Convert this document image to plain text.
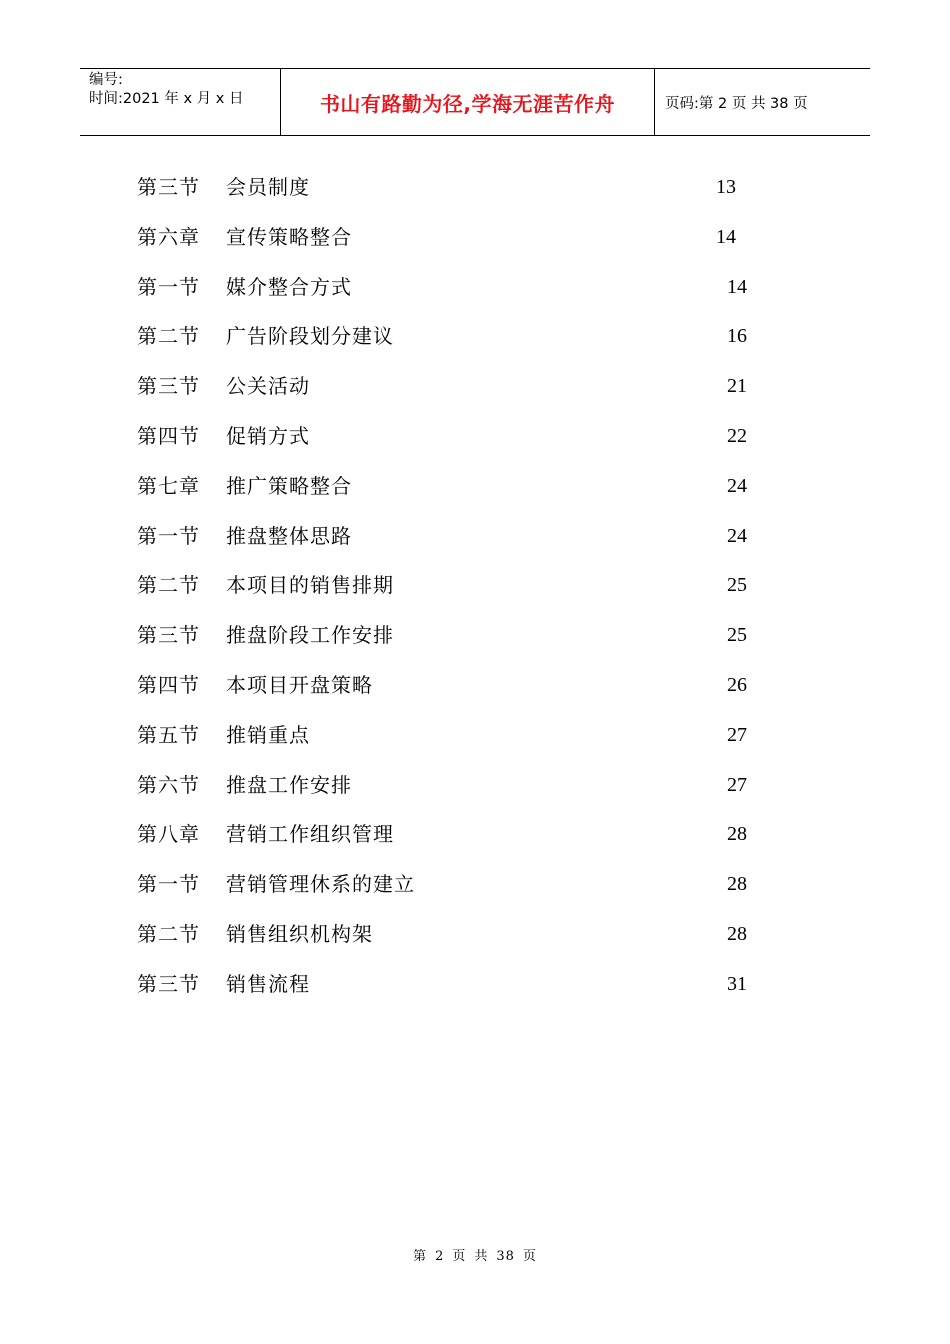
编号:
时间:2021 年 x 月 x 日	书山有路勤为径,学海无涯苦作舟	页码:第 2 页 共 38 页
第三节 会员制度	13
第六章 宣传策略整合	14
第一节 媒介整合方式	14
第二节 广告阶段划分建议	16
第三节 公关活动	21
第四节 促销方式	22
第七章 推广策略整合	24
第一节 推盘整体思路	24
第二节 本项目的销售排期	25
第三节 推盘阶段工作安排	25
第四节 本项目开盘策略	26
第五节 推销重点	27
第六节 推盘工作安排	27
第八章 营销工作组织管理	28
第一节 营销管理休系的建立	28
第二节 销售组织机构架	28
第三节 销售流程	31
第 2 页 共 38 页
